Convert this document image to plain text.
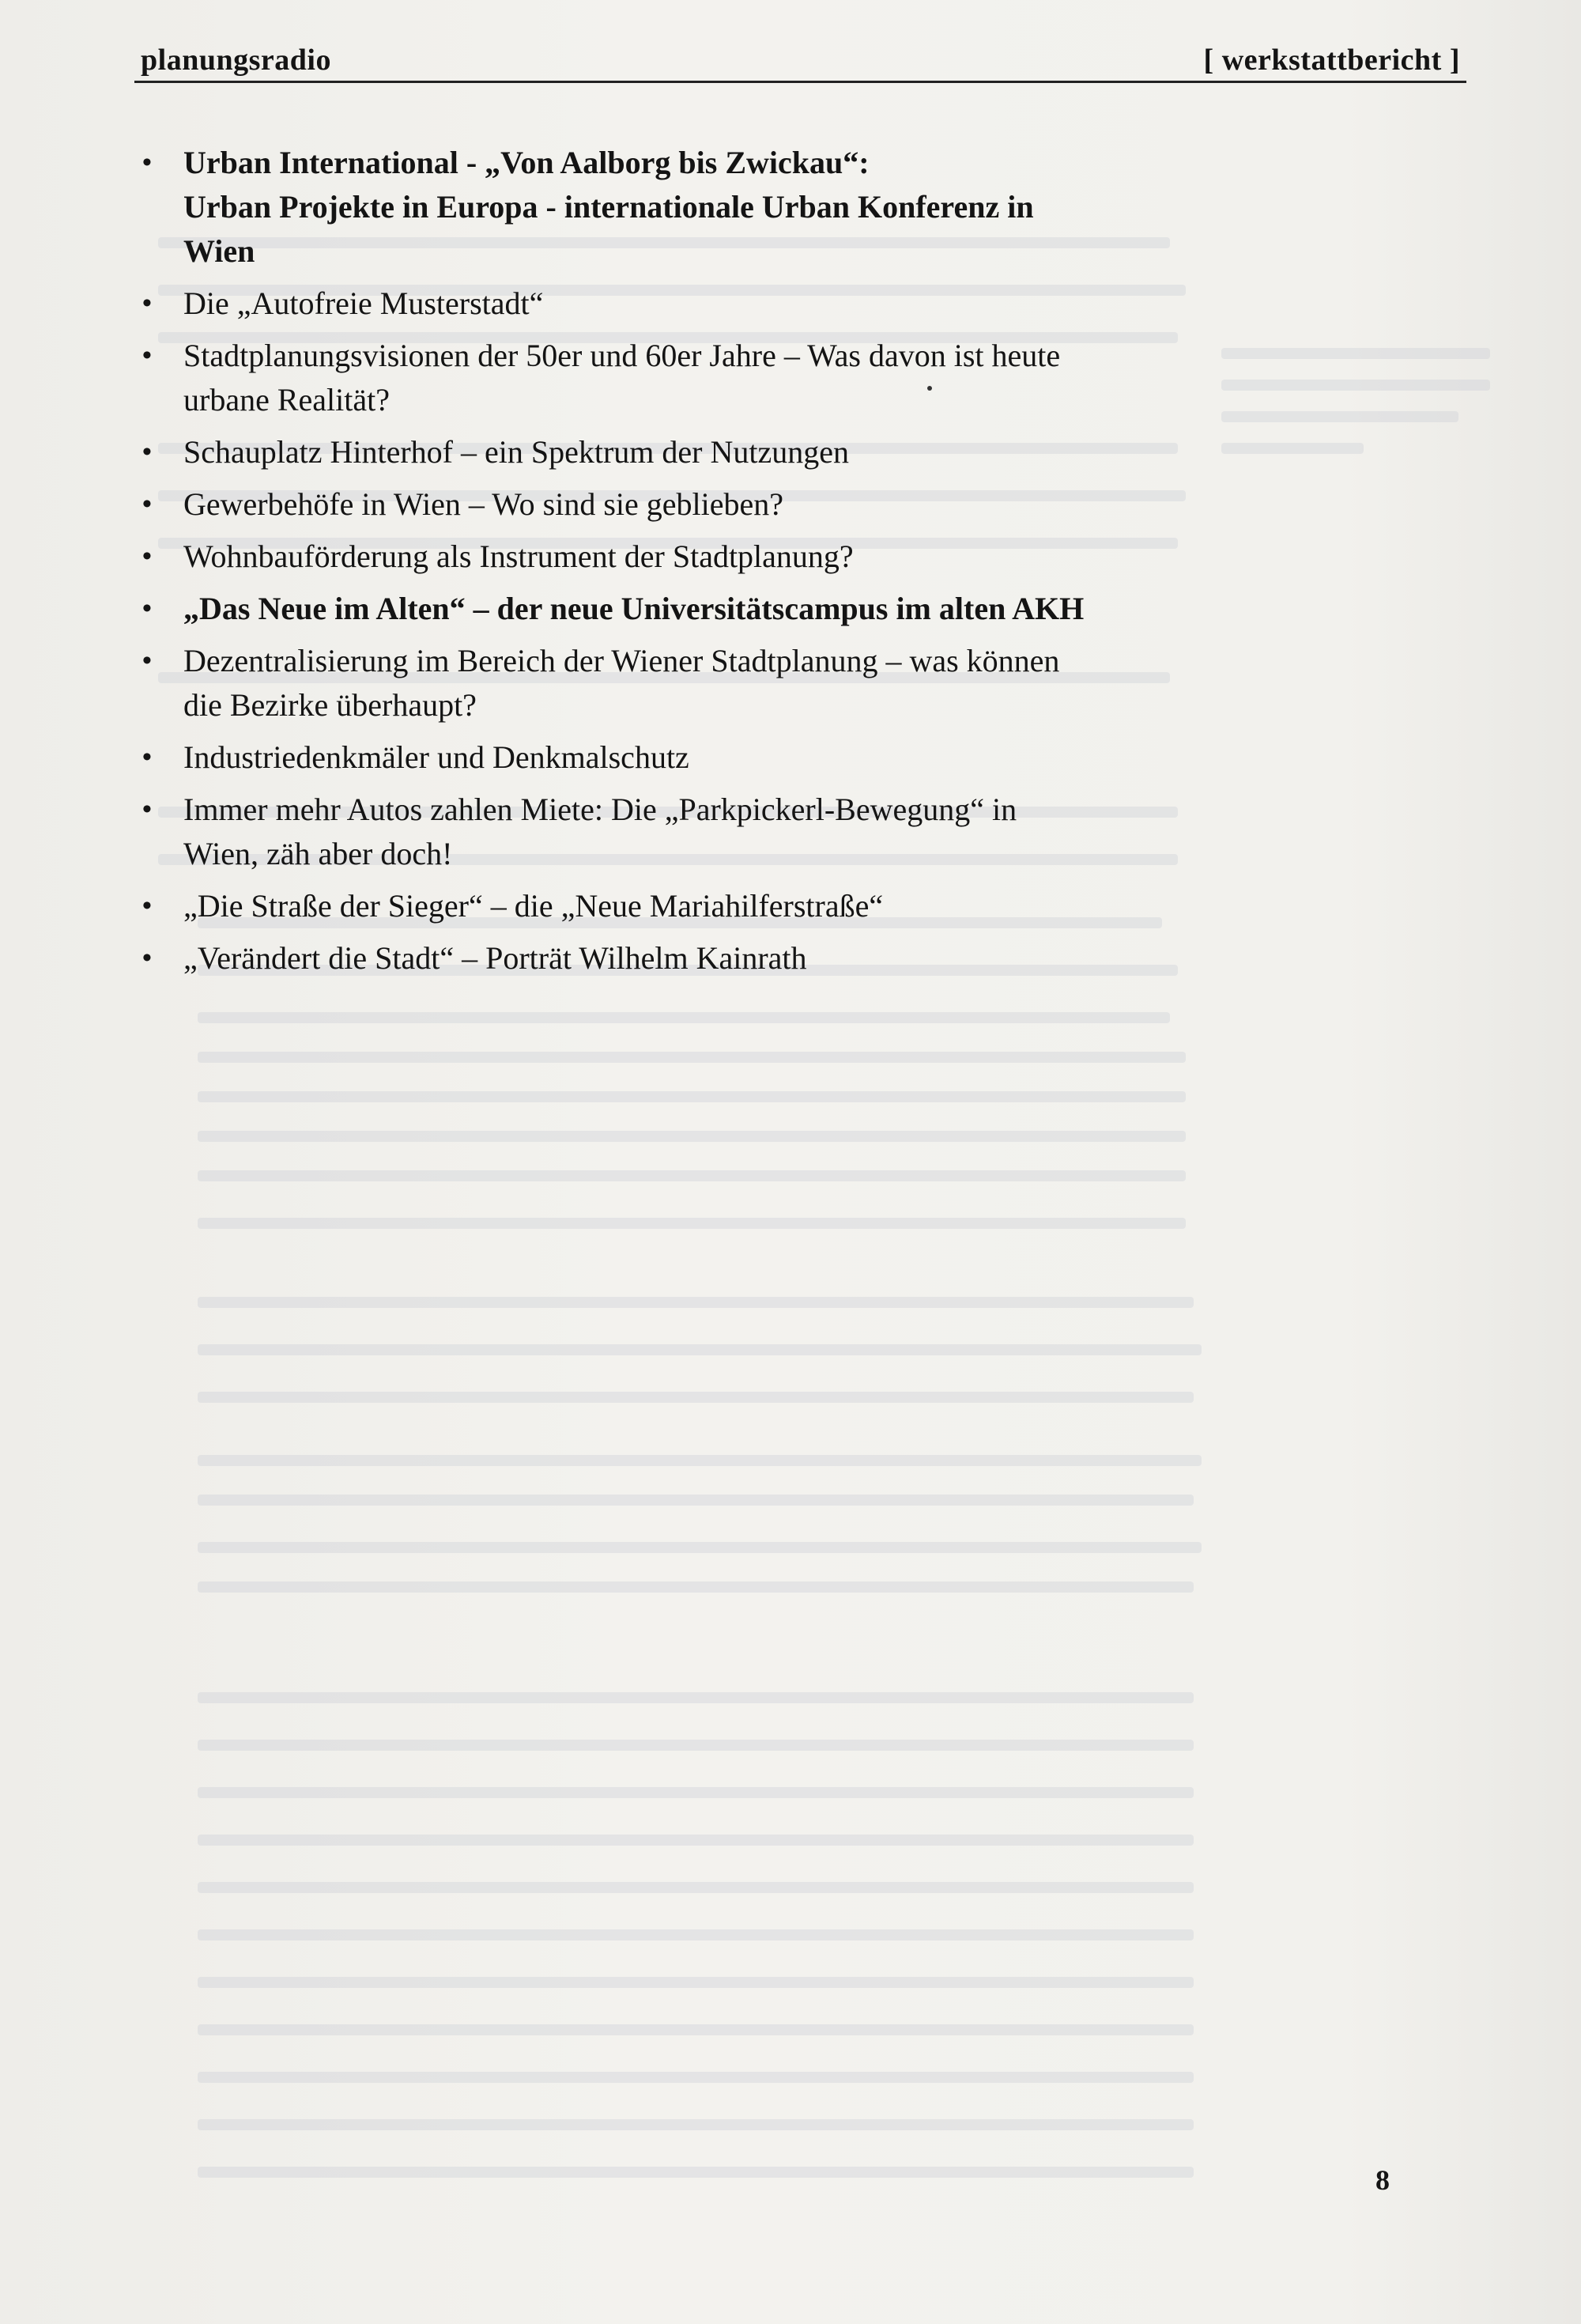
planungsradio	[ werkstattbericht ]
• Urban International - „Von Aalborg bis Zwickau“:
Urban Projekte in Europa - internationale Urban Konferenz in
Wien
• Die „Autofreie Musterstadt“
• Stadtplanungsvisionen der 50er und 60er Jahre – Was davon ist heute
urbane Realität?
• Schauplatz Hinterhof – ein Spektrum der Nutzungen
• Gewerbehöfe in Wien – Wo sind sie geblieben?
• Wohnbauförderung als Instrument der Stadtplanung?
• „Das Neue im Alten“ – der neue Universitätscampus im alten AKH
• Dezentralisierung im Bereich der Wiener Stadtplanung – was können
die Bezirke überhaupt?
• Industriedenkmäler und Denkmalschutz
• Immer mehr Autos zahlen Miete: Die „Parkpickerl-Bewegung“ in
Wien, zäh aber doch!
• „Die Straße der Sieger“ – die „Neue Mariahilferstraße“
• „Verändert die Stadt“ – Porträt Wilhelm Kainrath
8
